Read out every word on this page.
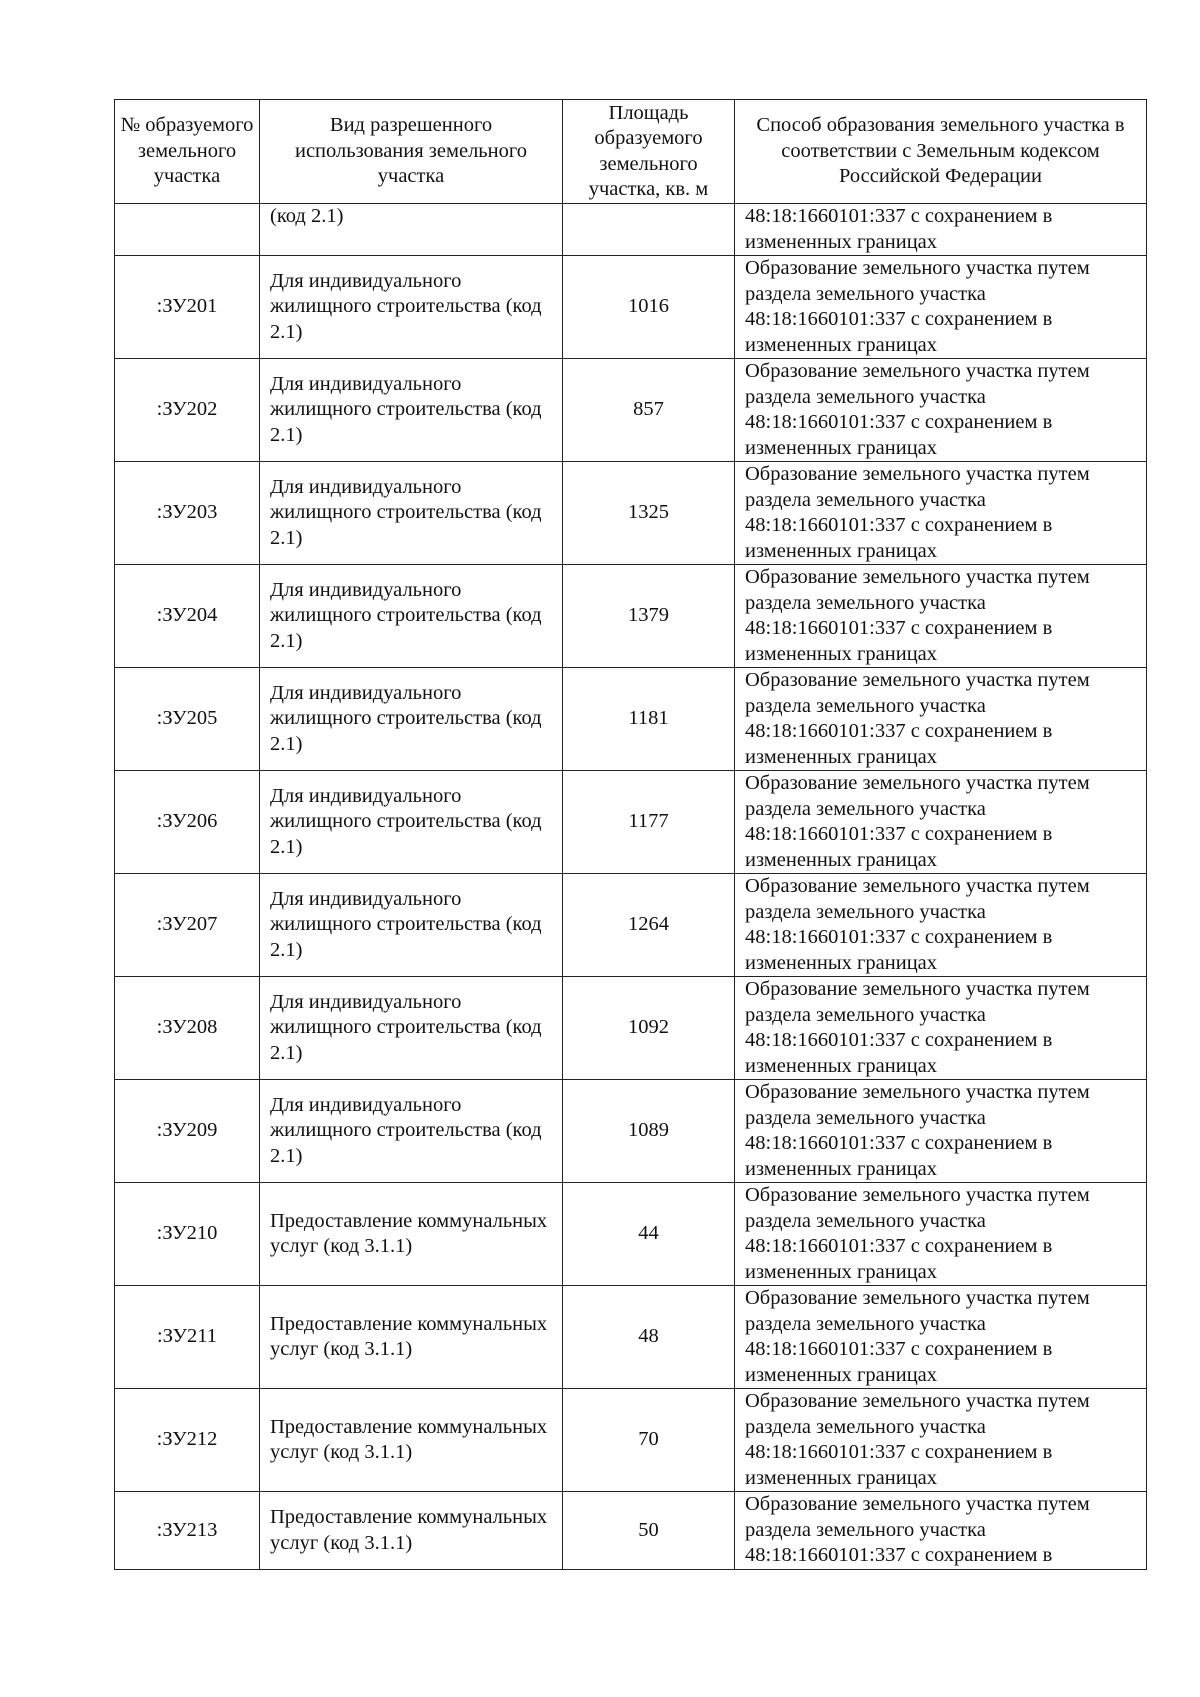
№ образуемого земельного участка	Вид разрешенного использования земельного участка	Площадь образуемого земельного участка, кв. м	Способ образования земельного участка в соответствии с Земельным кодексом Российской Федерации

	(код 2.1)		48:18:1660101:337 с сохранением в измененных границах
:ЗУ201	Для индивидуального жилищного строительства (код 2.1)	1016	Образование земельного участка путем раздела земельного участка 48:18:1660101:337 с сохранением в измененных границах
:ЗУ202	Для индивидуального жилищного строительства (код 2.1)	857	Образование земельного участка путем раздела земельного участка 48:18:1660101:337 с сохранением в измененных границах
:ЗУ203	Для индивидуального жилищного строительства (код 2.1)	1325	Образование земельного участка путем раздела земельного участка 48:18:1660101:337 с сохранением в измененных границах
:ЗУ204	Для индивидуального жилищного строительства (код 2.1)	1379	Образование земельного участка путем раздела земельного участка 48:18:1660101:337 с сохранением в измененных границах
:ЗУ205	Для индивидуального жилищного строительства (код 2.1)	1181	Образование земельного участка путем раздела земельного участка 48:18:1660101:337 с сохранением в измененных границах
:ЗУ206	Для индивидуального жилищного строительства (код 2.1)	1177	Образование земельного участка путем раздела земельного участка 48:18:1660101:337 с сохранением в измененных границах
:ЗУ207	Для индивидуального жилищного строительства (код 2.1)	1264	Образование земельного участка путем раздела земельного участка 48:18:1660101:337 с сохранением в измененных границах
:ЗУ208	Для индивидуального жилищного строительства (код 2.1)	1092	Образование земельного участка путем раздела земельного участка 48:18:1660101:337 с сохранением в измененных границах
:ЗУ209	Для индивидуального жилищного строительства (код 2.1)	1089	Образование земельного участка путем раздела земельного участка 48:18:1660101:337 с сохранением в измененных границах
:ЗУ210	Предоставление коммунальных услуг (код 3.1.1)	44	Образование земельного участка путем раздела земельного участка 48:18:1660101:337 с сохранением в измененных границах
:ЗУ211	Предоставление коммунальных услуг (код 3.1.1)	48	Образование земельного участка путем раздела земельного участка 48:18:1660101:337 с сохранением в измененных границах
:ЗУ212	Предоставление коммунальных услуг (код 3.1.1)	70	Образование земельного участка путем раздела земельного участка 48:18:1660101:337 с сохранением в измененных границах
:ЗУ213	Предоставление коммунальных услуг (код 3.1.1)	50	Образование земельного участка путем раздела земельного участка 48:18:1660101:337 с сохранением в
